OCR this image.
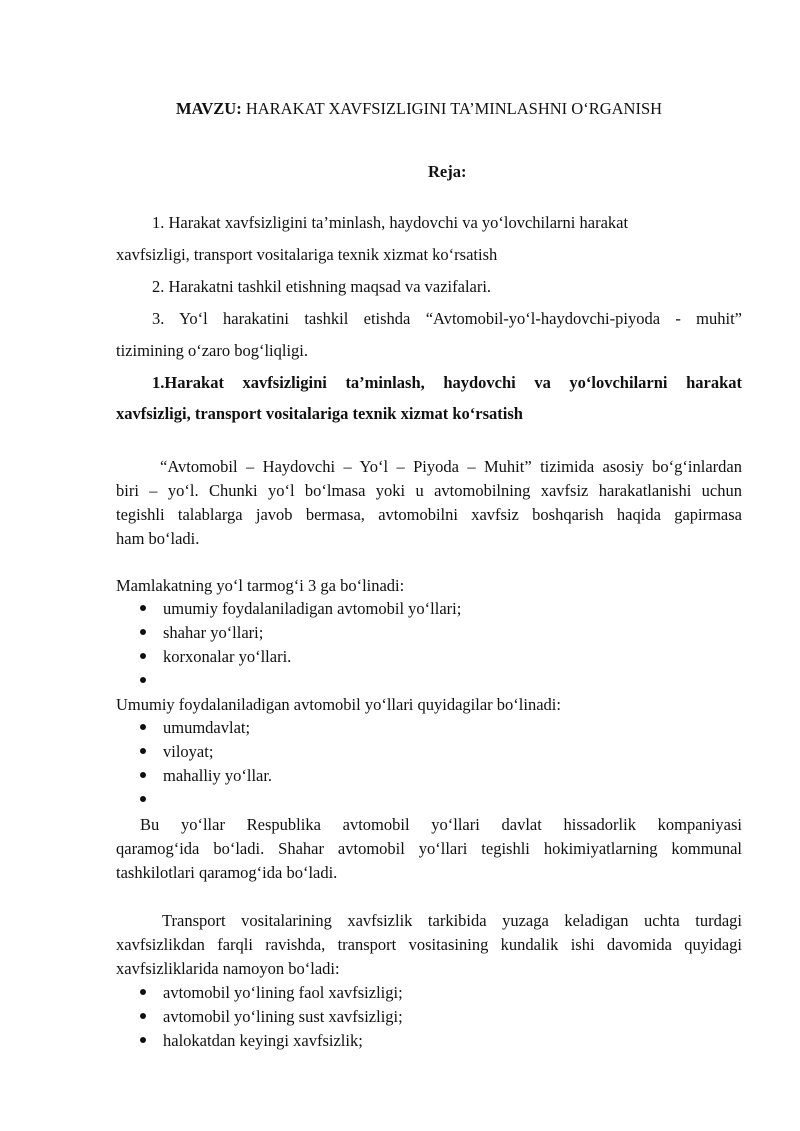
MAVZU: HARAKAT XAVFSIZLIGINI TA’MINLASHNI O‘RGANISH
Reja:
1. Harakat xavfsizligini ta’minlash, haydovchi va yo‘lovchilarni harakat
xavfsizligi, transport vositalariga texnik xizmat ko‘rsatish
2. Harakatni tashkil etishning maqsad va vazifalari.
3. Yo‘l harakatini tashkil etishda “Avtomobil-yo‘l-haydovchi-piyoda - muhit”
tizimining o‘zaro bog‘liqligi.
1.Harakat xavfsizligini ta’minlash, haydovchi va yo‘lovchilarni harakat
xavfsizligi, transport vositalariga texnik xizmat ko‘rsatish
“Avtomobil – Haydovchi – Yo‘l – Piyoda – Muhit” tizimida asosiy bo‘g‘inlardan
biri – yo‘l. Chunki yo‘l bo‘lmasa yoki u avtomobilning xavfsiz harakatlanishi uchun
tegishli talablarga javob bermasa, avtomobilni xavfsiz boshqarish haqida gapirmasa
ham bo‘ladi.
Mamlakatning yo‘l tarmog‘i 3 ga bo‘linadi:
umumiy foydalaniladigan avtomobil yo‘llari;
shahar yo‘llari;
korxonalar yo‘llari.
Umumiy foydalaniladigan avtomobil yo‘llari quyidagilar bo‘linadi:
umumdavlat;
viloyat;
mahalliy yo‘llar.
Bu yo‘llar Respublika avtomobil yo‘llari davlat hissadorlik kompaniyasi
qaramog‘ida bo‘ladi. Shahar avtomobil yo‘llari tegishli hokimiyatlarning kommunal
tashkilotlari qaramog‘ida bo‘ladi.
Transport vositalarining xavfsizlik tarkibida yuzaga keladigan uchta turdagi
xavfsizlikdan farqli ravishda, transport vositasining kundalik ishi davomida quyidagi
xavfsizliklarida namoyon bo‘ladi:
avtomobil yo‘lining faol xavfsizligi;
avtomobil yo‘lining sust xavfsizligi;
halokatdan keyingi xavfsizlik;
